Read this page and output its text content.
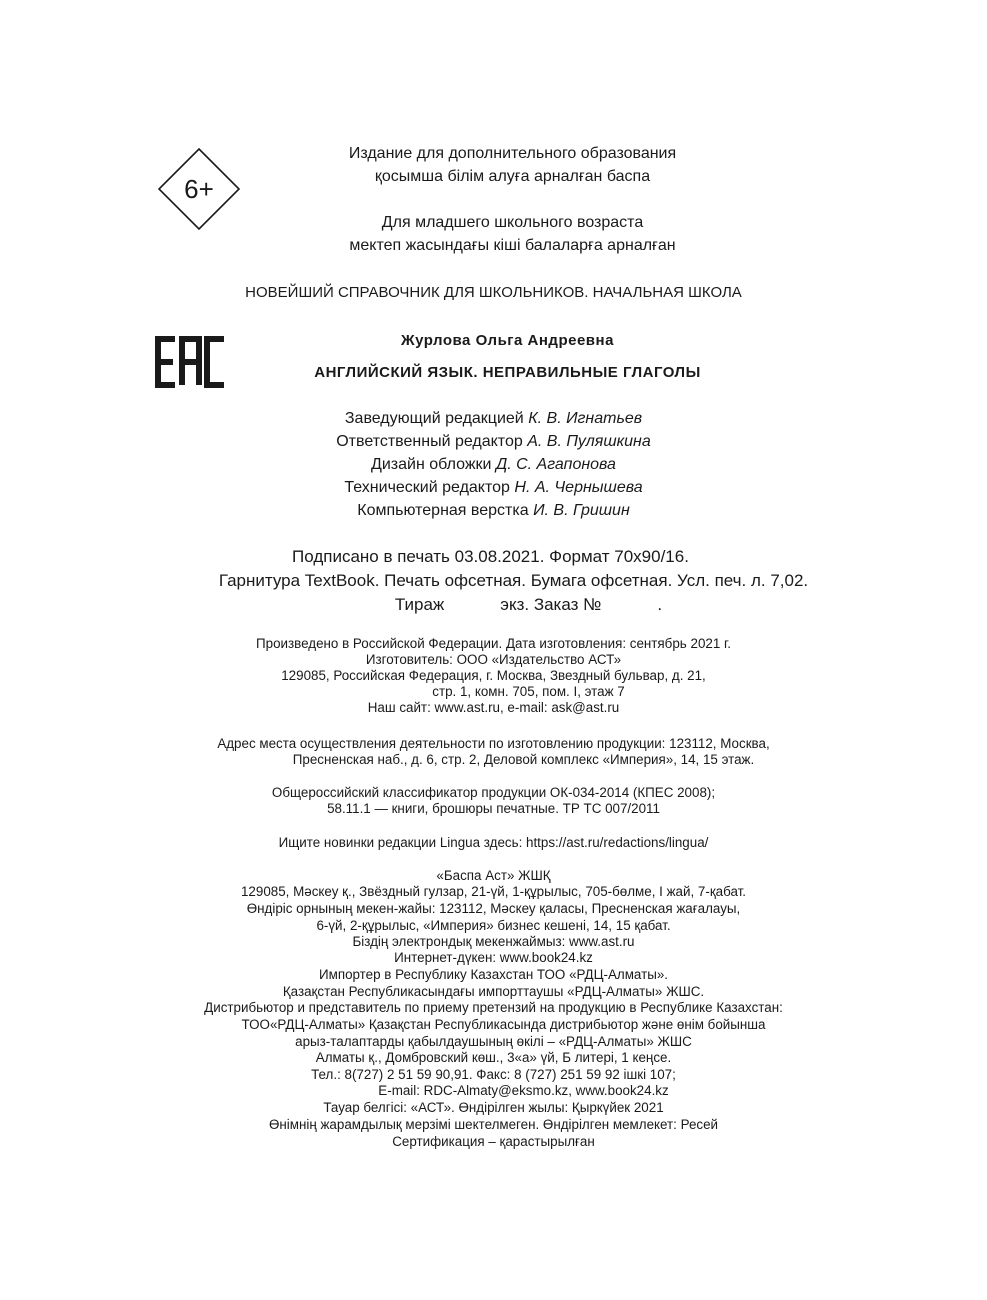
6+
Издание для дополнительного образования
қосымша білім алуға арналған баспа
Для младшего школьного возраста
мектеп жасындағы кіші балаларға арналған
НОВЕЙШИЙ СПРАВОЧНИК ДЛЯ ШКОЛЬНИКОВ. НАЧАЛЬНАЯ ШКОЛА
Журлова Ольга Андреевна
АНГЛИЙСКИЙ ЯЗЫК. НЕПРАВИЛЬНЫЕ ГЛАГОЛЫ
Заведующий редакцией К. В. Игнатьев
Ответственный редактор А. В. Пуляшкина
Дизайн обложки Д. С. Агапонова
Технический редактор Н. А. Чернышева
Компьютерная верстка И. В. Гришин
Подписано в печать 03.08.2021. Формат 70х90/16.
Гарнитура TextBook. Печать офсетная. Бумага офсетная. Усл. печ. л. 7,02.
Тираж	экз. Заказ №	.
Произведено в Российской Федерации. Дата изготовления: сентябрь 2021 г.
Изготовитель: ООО «Издательство АСТ»
129085, Российская Федерация, г. Москва, Звездный бульвар, д. 21,
стр. 1, комн. 705, пом. I, этаж 7
Наш сайт: www.ast.ru, e-mail: ask@ast.ru
Адрес места осуществления деятельности по изготовлению продукции: 123112, Москва,
Пресненская наб., д. 6, стр. 2, Деловой комплекс «Империя», 14, 15 этаж.
Общероссийский классификатор продукции ОК-034-2014 (КПЕС 2008);
58.11.1 — книги, брошюры печатные. ТР ТС 007/2011
Ищите новинки редакции Lingua здесь: https://ast.ru/redactions/lingua/
«Баспа Аст» ЖШҚ
129085, Мәскеу қ., Звёздный гулзар, 21-үй, 1-құрылыс, 705-бөлме, I жай, 7-қабат.
Өндіріс орнының мекен-жайы: 123112, Мәскеу қаласы, Пресненская жағалауы,
6-үй, 2-құрылыс, «Империя» бизнес кешені, 14, 15 қабат.
Біздің электрондық мекенжаймыз: www.ast.ru
Интернет-дүкен: www.book24.kz
Импортер в Республику Казахстан ТОО «РДЦ-Алматы».
Қазақстан Республикасындағы импорттаушы «РДЦ-Алматы» ЖШС.
Дистрибьютор и представитель по приему претензий на продукцию в Республике Казахстан:
ТОО«РДЦ-Алматы» Қазақстан Республикасында дистрибьютор және өнім бойынша
арыз-талаптарды қабылдаушының өкілі – «РДЦ-Алматы» ЖШС
Алматы қ., Домбровский көш., 3«а» үй, Б литері, 1 кеңсе.
Тел.: 8(727) 2 51 59 90,91. Факс: 8 (727) 251 59 92 ішкі 107;
E-mail: RDC-Almaty@eksmo.kz, www.book24.kz
Тауар белгісі: «АСТ». Өндірілген жылы: Қыркүйек 2021
Өнімнің жарамдылық мерзімі шектелмеген. Өндірілген мемлекет: Ресей
Сертификация – қарастырылған
